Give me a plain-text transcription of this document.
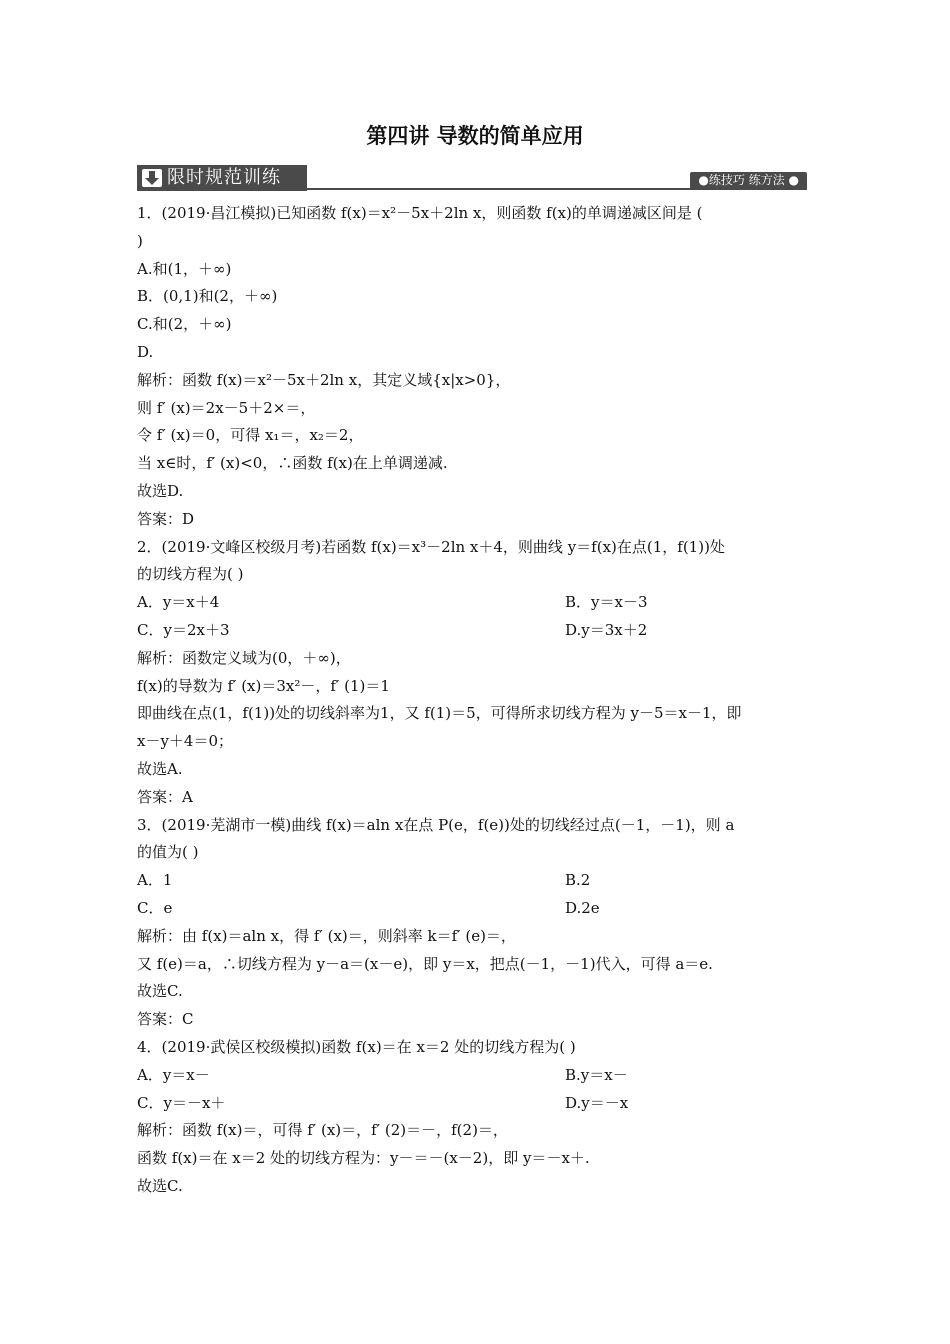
第四讲 导数的简单应用
限时规范训练	●练技巧 练方法 ●
1．(2019·昌江模拟)已知函数 f(x)＝x²－5x＋2ln x，则函数 f(x)的单调递减区间是 (
)
A.和(1，＋∞)
B．(0,1)和(2，＋∞)
C.和(2，＋∞)
D.
解析：函数 f(x)＝x²－5x＋2ln x，其定义域{x|x>0}，
则 f′ (x)＝2x－5＋2×＝，
令 f′ (x)＝0，可得 x₁＝，x₂＝2，
当 x∈时，f′ (x)<0，∴函数 f(x)在上单调递减.
故选D.
答案：D
2．(2019·文峰区校级月考)若函数 f(x)＝x³－2ln x＋4，则曲线 y＝f(x)在点(1，f(1))处
的切线方程为( )
A．y＝x＋4	B．y＝x－3
C．y＝2x＋3	D.y＝3x＋2
解析：函数定义域为(0，＋∞)，
f(x)的导数为 f′ (x)＝3x²－，f′ (1)＝1
即曲线在点(1，f(1))处的切线斜率为1，又 f(1)＝5，可得所求切线方程为 y－5＝x－1，即
x－y＋4＝0；
故选A.
答案：A
3．(2019·芜湖市一模)曲线 f(x)＝aln x在点 P(e，f(e))处的切线经过点(－1，－1)，则 a
的值为( )
A．1	B.2
C．e	D.2e
解析：由 f(x)＝aln x，得 f′ (x)＝，则斜率 k＝f′ (e)＝，
又 f(e)＝a，∴切线方程为 y－a＝(x－e)，即 y＝x，把点(－1，－1)代入，可得 a＝e.
故选C.
答案：C
4．(2019·武侯区校级模拟)函数 f(x)＝在 x＝2 处的切线方程为( )
A．y＝x－	B.y＝x－
C．y＝－x＋	D.y＝－x
解析：函数 f(x)＝，可得 f′ (x)＝，f′ (2)＝－，f(2)＝，
函数 f(x)＝在 x＝2 处的切线方程为：y－＝－(x－2)，即 y＝－x＋.
故选C.
